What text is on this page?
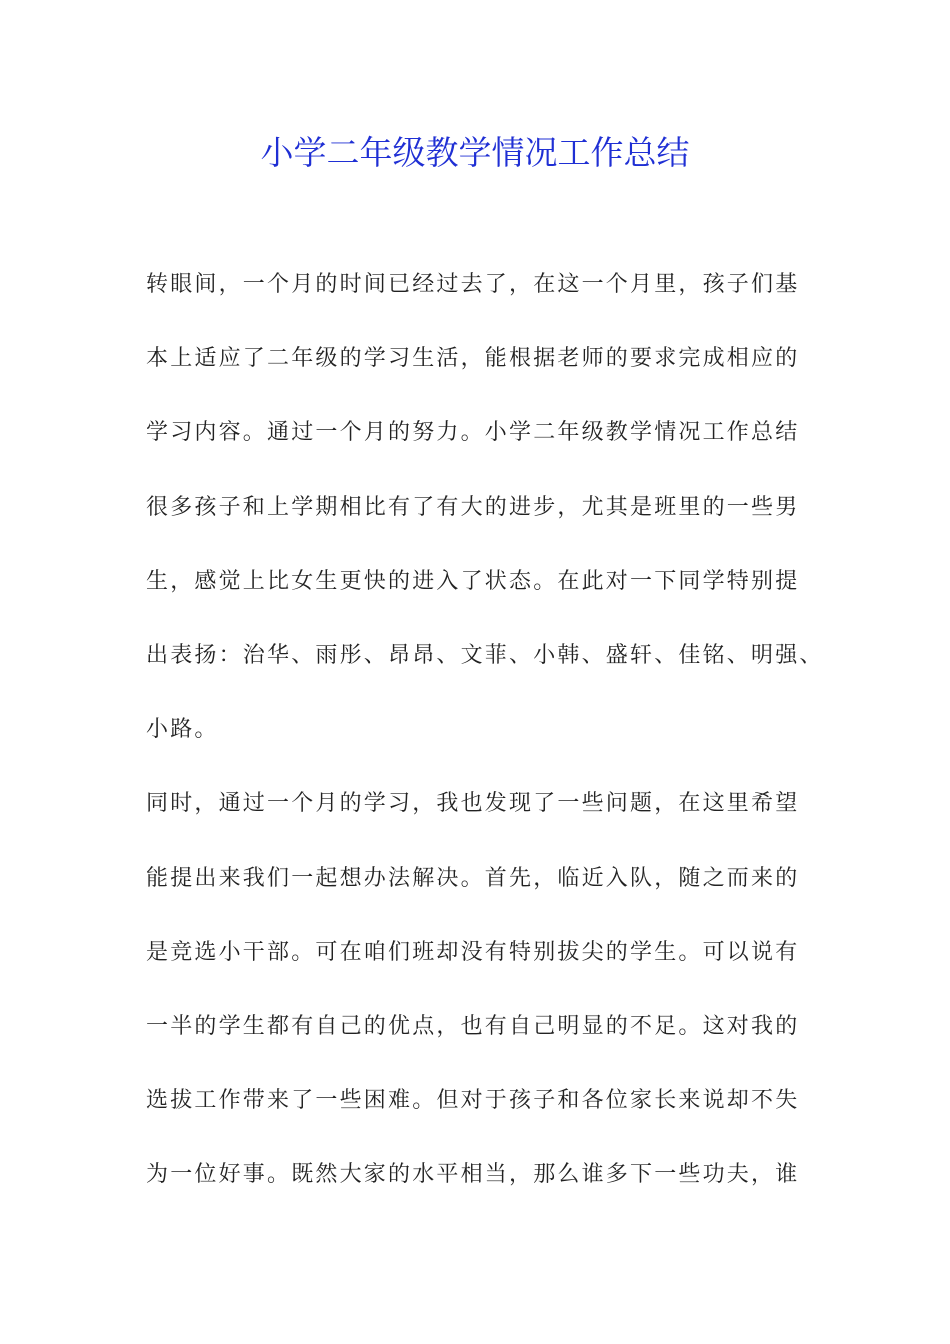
小学二年级教学情况工作总结
转眼间，一个月的时间已经过去了，在这一个月里，孩子们基
本上适应了二年级的学习生活，能根据老师的要求完成相应的
学习内容。通过一个月的努力。小学二年级教学情况工作总结
很多孩子和上学期相比有了有大的进步，尤其是班里的一些男
生，感觉上比女生更快的进入了状态。在此对一下同学特别提
出表扬：治华、雨彤、昂昂、文菲、小韩、盛轩、佳铭、明强、
小路。
同时，通过一个月的学习，我也发现了一些问题，在这里希望
能提出来我们一起想办法解决。首先，临近入队，随之而来的
是竞选小干部。可在咱们班却没有特别拔尖的学生。可以说有
一半的学生都有自己的优点，也有自己明显的不足。这对我的
选拔工作带来了一些困难。但对于孩子和各位家长来说却不失
为一位好事。既然大家的水平相当，那么谁多下一些功夫，谁
